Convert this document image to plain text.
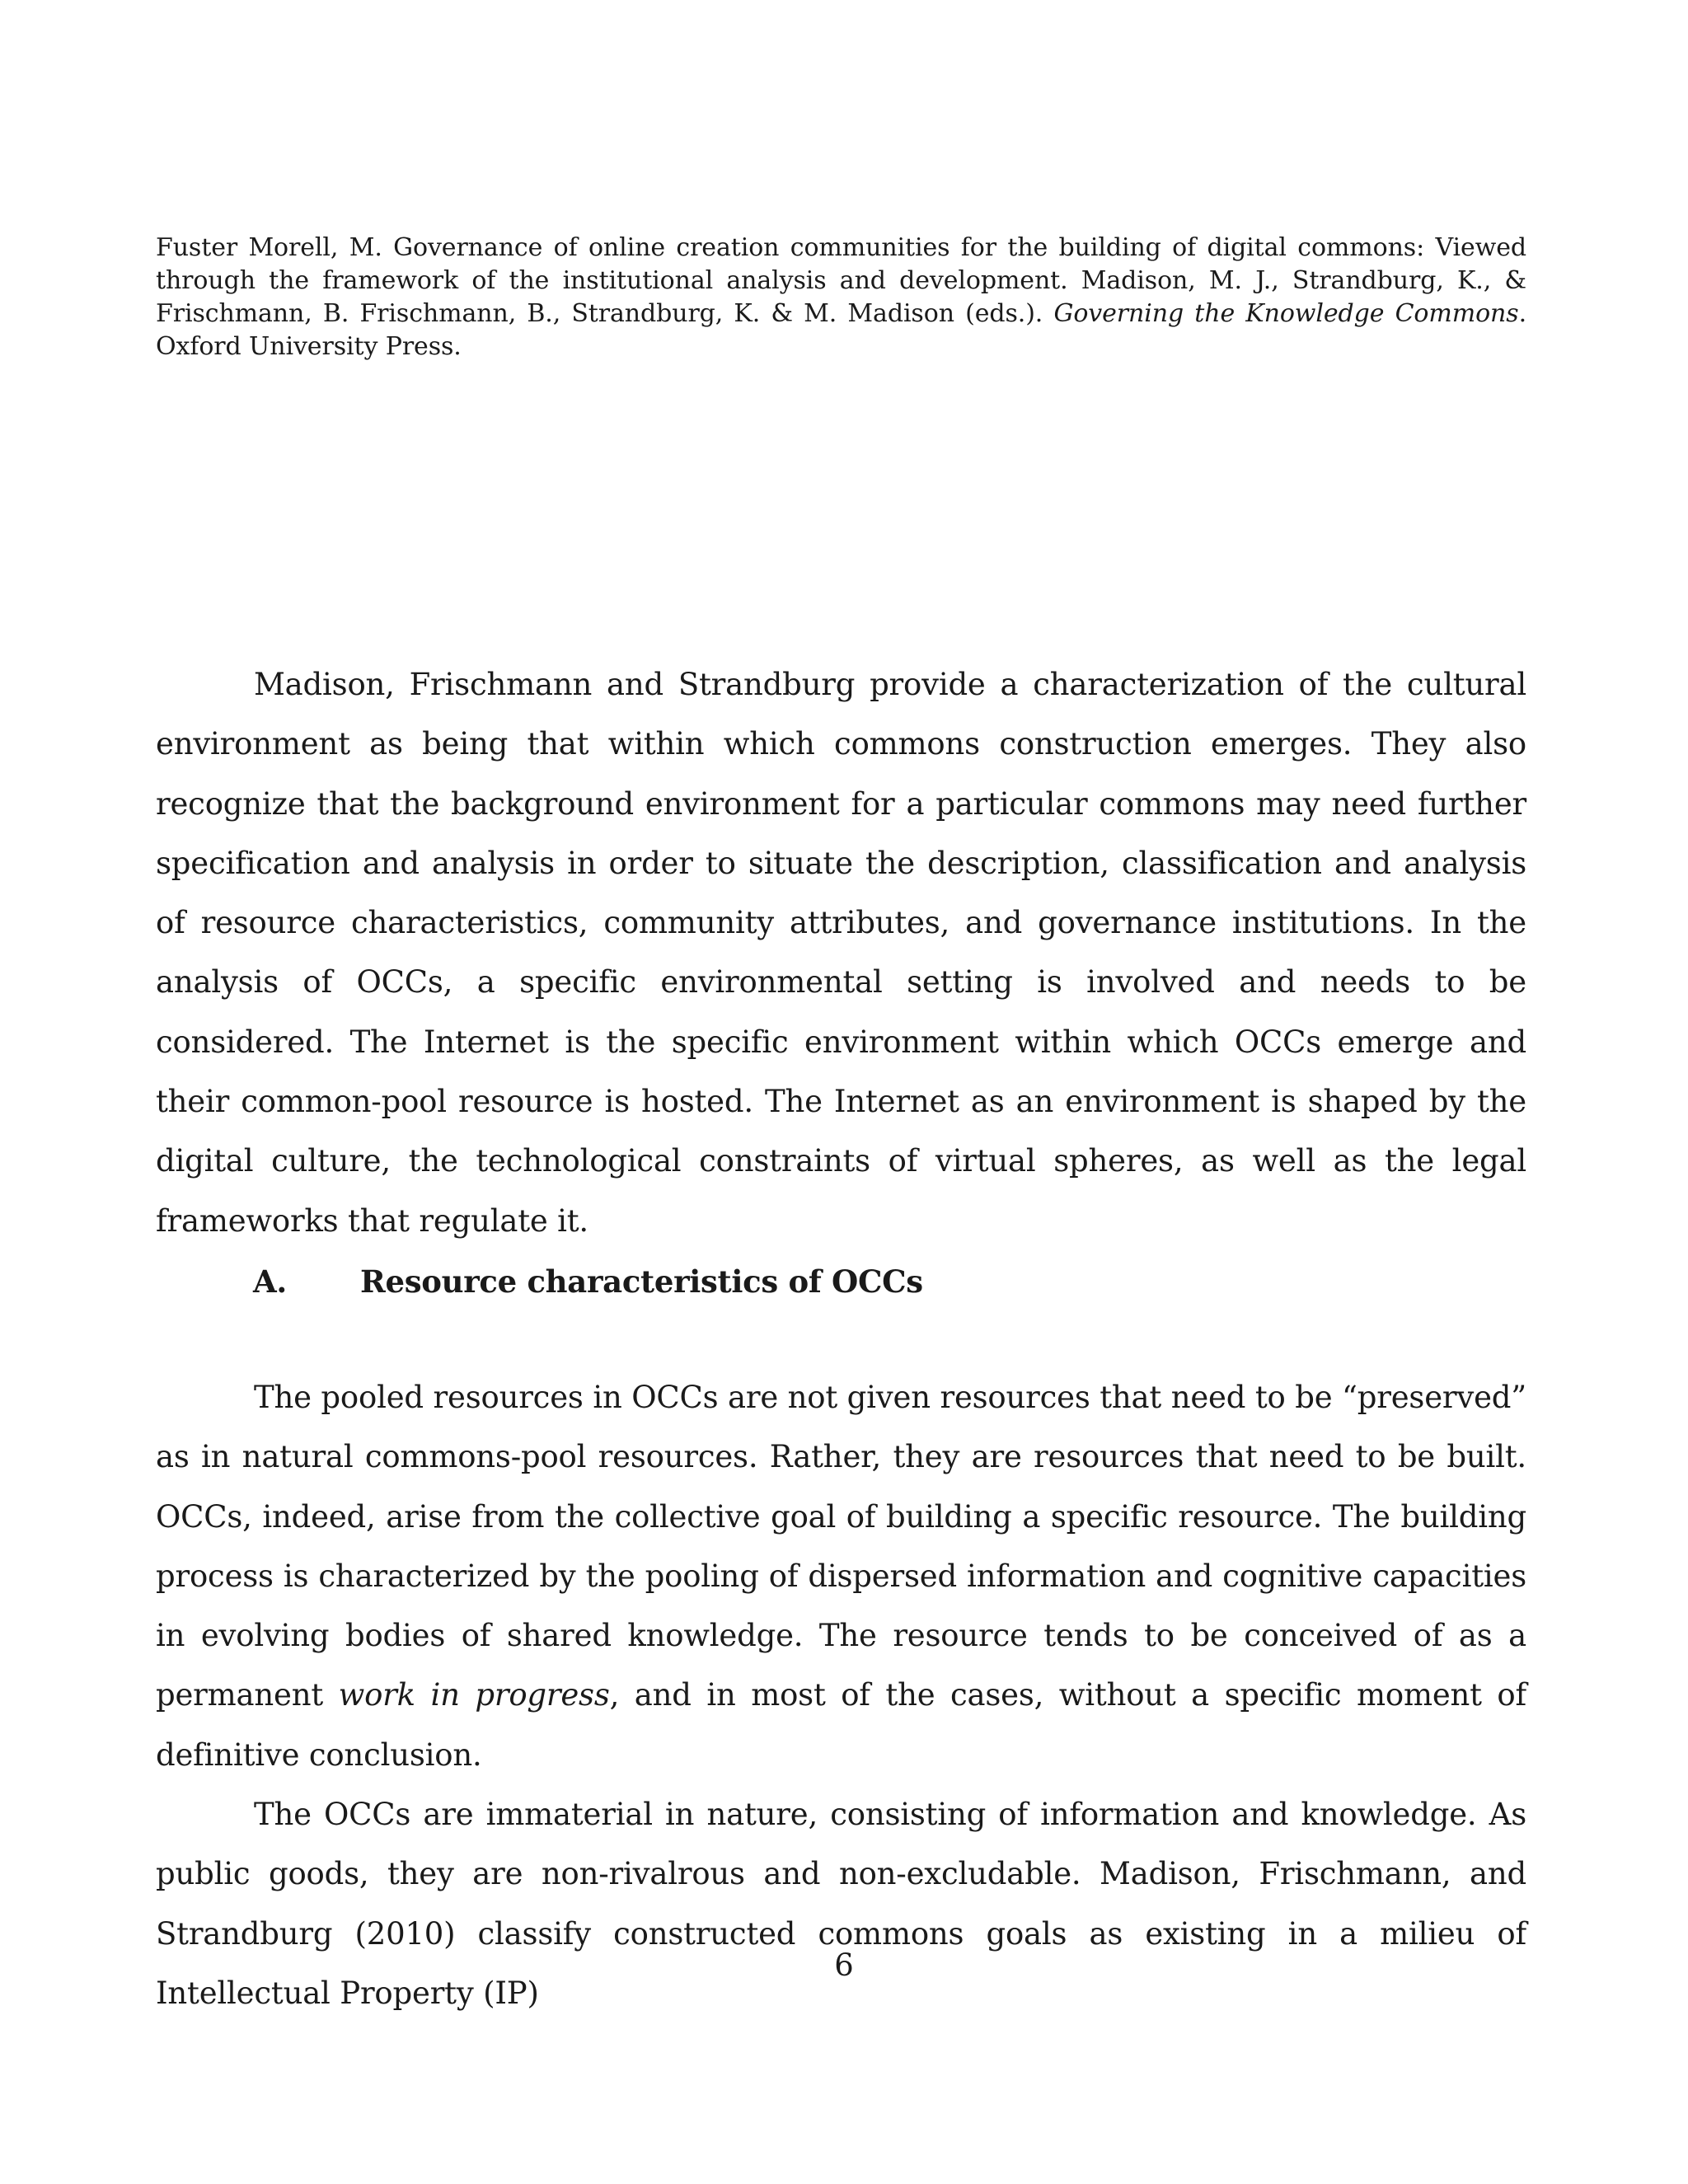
Fuster Morell, M. Governance of online creation communities for the building of digital commons: Viewed through the framework of the institutional analysis and development. Madison, M. J., Strandburg, K., & Frischmann, B. Frischmann, B., Strandburg, K. & M. Madison (eds.). Governing the Knowledge Commons. Oxford University Press.

Madison, Frischmann and Strandburg provide a characterization of the cultural environment as being that within which commons construction emerges. They also recognize that the background environment for a particular commons may need further specification and analysis in order to situate the description, classification and analysis of resource characteristics, community attributes, and governance institutions. In the analysis of OCCs, a specific environmental setting is involved and needs to be considered. The Internet is the specific environment within which OCCs emerge and their common-pool resource is hosted. The Internet as an environment is shaped by the digital culture, the technological constraints of virtual spheres, as well as the legal frameworks that regulate it.

A.	Resource characteristics of OCCs

The pooled resources in OCCs are not given resources that need to be “preserved” as in natural commons-pool resources. Rather, they are resources that need to be built. OCCs, indeed, arise from the collective goal of building a specific resource. The building process is characterized by the pooling of dispersed information and cognitive capacities in evolving bodies of shared knowledge. The resource tends to be conceived of as a permanent work in progress, and in most of the cases, without a specific moment of definitive conclusion.

The OCCs are immaterial in nature, consisting of information and knowledge. As public goods, they are non-rivalrous and non-excludable. Madison, Frischmann, and Strandburg (2010) classify constructed commons goals as existing in a milieu of Intellectual Property (IP)

6
